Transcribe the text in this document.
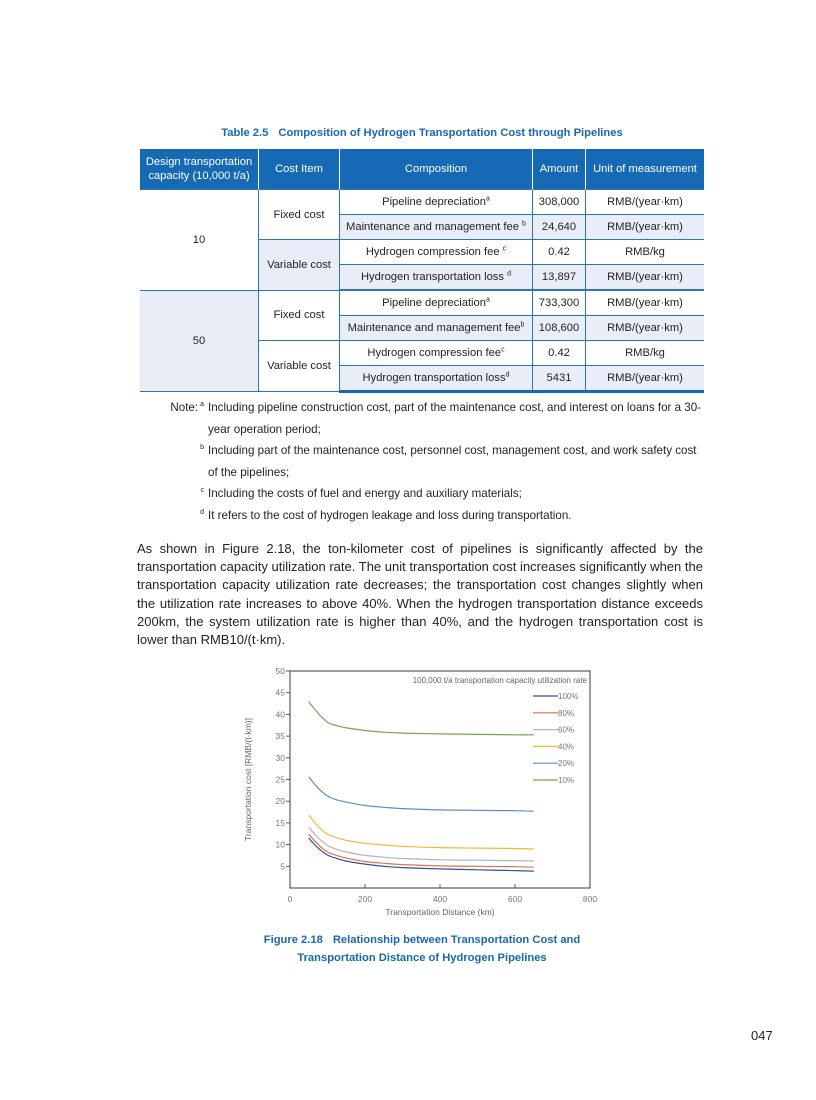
Table 2.5 Composition of Hydrogen Transportation Cost through Pipelines
Design transportation capacity (10,000 t/a)	Cost Item	Composition	Amount	Unit of measurement
10	Fixed cost	Pipeline depreciation$^a$	308,000	RMB/(year·km)
		Maintenance and management fee $^b$	24,640	RMB/(year·km)
	Variable cost	Hydrogen compression fee $^c$	0.42	RMB/kg
		Hydrogen transportation loss $^d$	13,897	RMB/(year·km)
50	Fixed cost	Pipeline depreciation$^a$	733,300	RMB/(year·km)
		Maintenance and management fee$^b$	108,600	RMB/(year·km)
	Variable cost	Hydrogen compression fee$^c$	0.42	RMB/kg
		Hydrogen transportation loss$^d$	5431	RMB/(year·km)
Note: $^a$ Including pipeline construction cost, part of the maintenance cost, and interest on loans for a 30-year operation period;
$^b$ Including part of the maintenance cost, personnel cost, management cost, and work safety cost of the pipelines;
$^c$ Including the costs of fuel and energy and auxiliary materials;
$^d$ It refers to the cost of hydrogen leakage and loss during transportation.

As shown in Figure 2.18, the ton-kilometer cost of pipelines is significantly affected by the transportation capacity utilization rate. The unit transportation cost increases significantly when the transportation capacity utilization rate decreases; the transportation cost changes slightly when the utilization rate increases to above 40%. When the hydrogen transportation distance exceeds 200km, the system utilization rate is higher than 40%, and the hydrogen transportation cost is lower than RMB10/(t·km).

5
10
15
20
25
30
35
40
45
50
0	200	400	600	800
Transportation Distance (km)
Transportation cost [RMB/(t·km)]
100,000 t/a transportation capacity utilization rate
100%
80%
60%
40%
20%
10%
Figure 2.18 Relationship between Transportation Cost and
Transportation Distance of Hydrogen Pipelines
047
